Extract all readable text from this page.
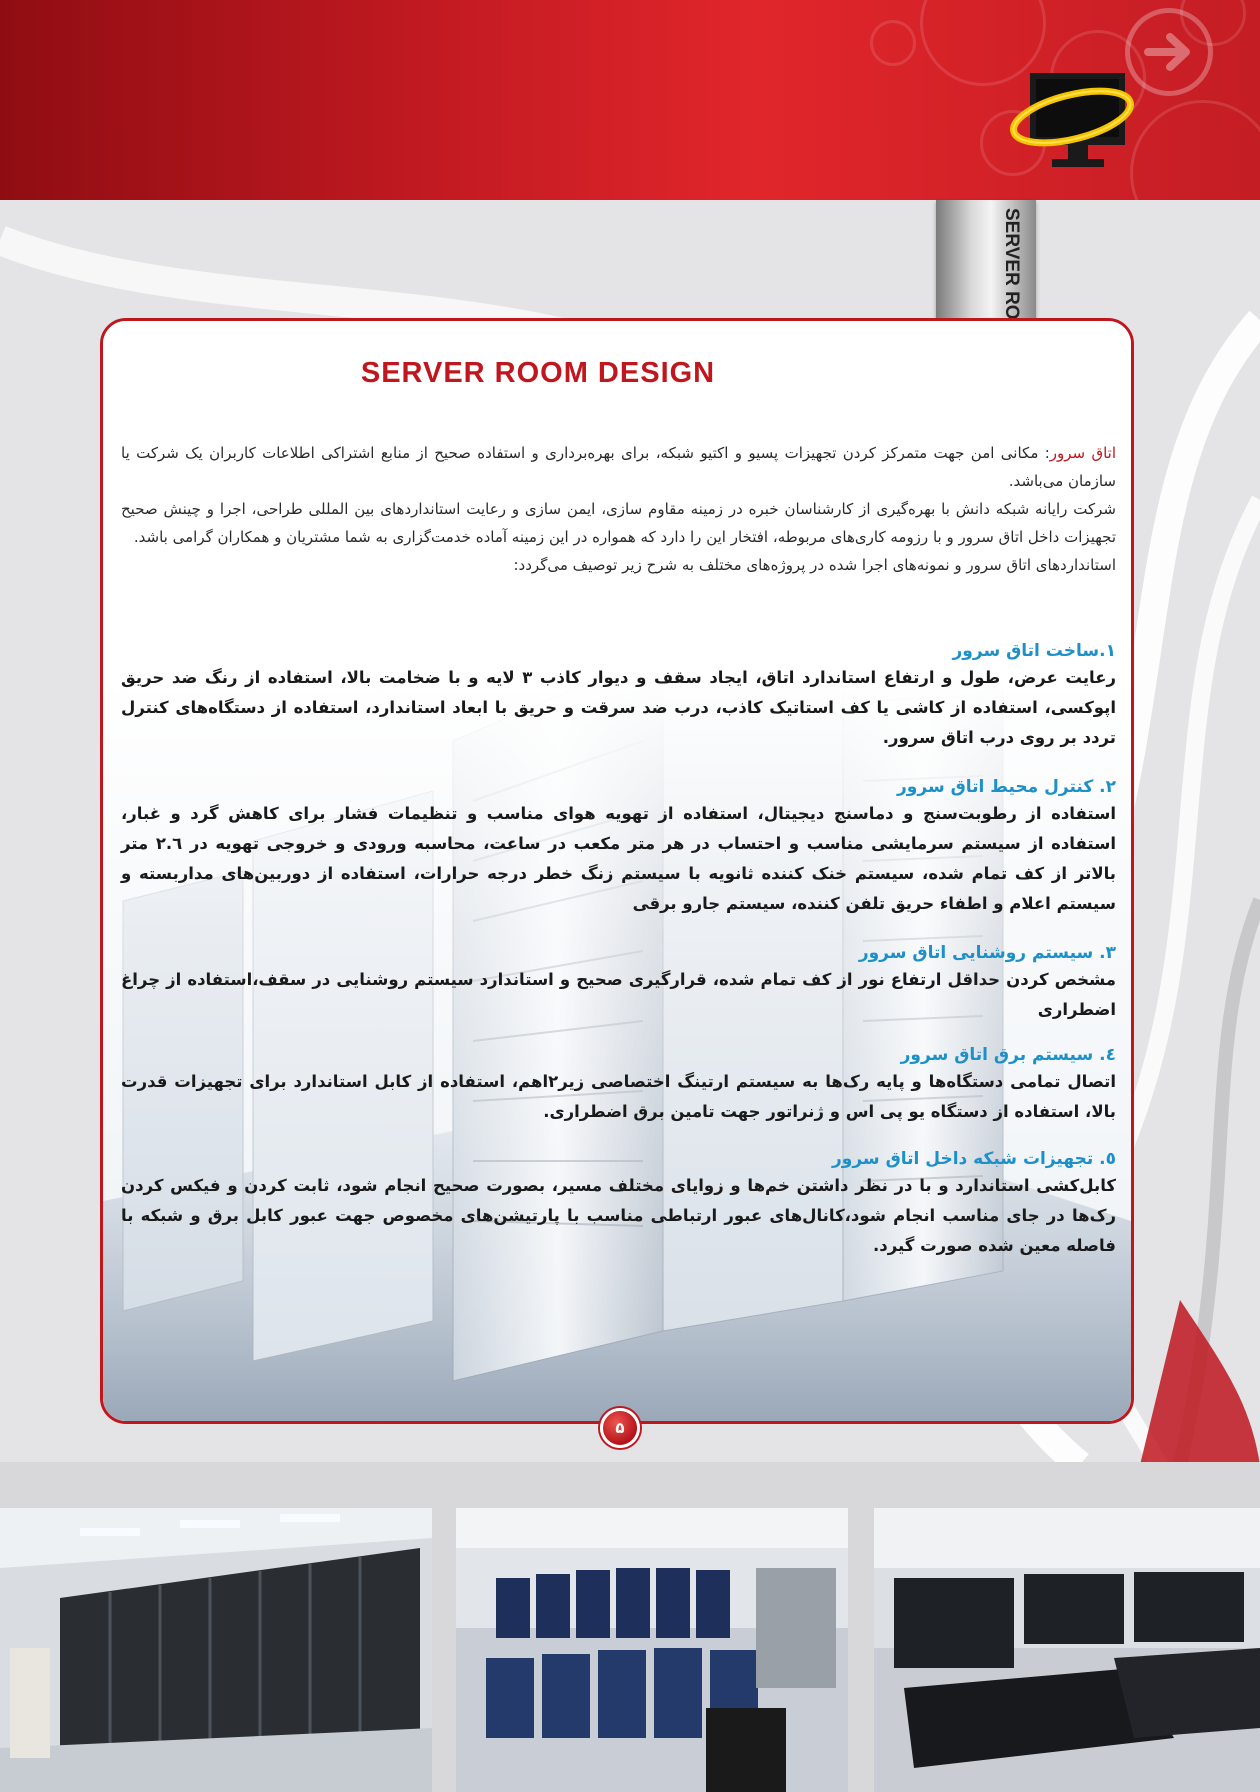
SERVER ROOM DESIGN
اتاق سرور: مکانی امن جهت متمرکز کردن تجهیزات پسیو و اکتیو شبکه، برای بهره‌برداری و استفاده صحیح از منابع اشتراکی اطلاعات کاربران یک شرکت یا سازمان می‌باشد.
شرکت رایانه شبکه دانش با بهره‌گیری از کارشناسان خبره در زمینه مقاوم سازی، ایمن سازی و رعایت استانداردهای بین المللی طراحی، اجرا و چینش صحیح تجهیزات داخل اتاق سرور و با رزومه کاری‌های مربوطه، افتخار این را دارد که همواره در این زمینه آماده خدمت‌گزاری به شما مشتریان و همکاران گرامی باشد.
استانداردهای اتاق سرور و نمونه‌های اجرا شده در پروژه‌های مختلف به شرح زیر توصیف می‌گردد:
۱.ساخت اتاق سرور
رعایت عرض، طول و ارتفاع استاندارد اتاق، ایجاد سقف و دیوار کاذب ۳ لایه و با ضخامت بالا، استفاده از رنگ ضد حریق اپوکسی، استفاده از کاشی یا کف استاتیک کاذب، درب ضد سرقت و حریق با ابعاد استاندارد، استفاده از دستگاه‌های کنترل تردد بر روی درب اتاق سرور.
۲. کنترل محیط اتاق سرور
استفاده از رطوبت‌سنج و دماسنج دیجیتال، استفاده از تهویه هوای مناسب و تنظیمات فشار برای کاهش گرد و غبار، استفاده از سیستم سرمایشی مناسب و احتساب در هر متر مکعب در ساعت، محاسبه ورودی و خروجی تهویه در ۲.٦ متر بالاتر از کف تمام شده، سیستم خنک کننده ثانویه با سیستم زنگ خطر درجه حرارات، استفاده از دوربین‌های مداربسته و سیستم اعلام و اطفاء حریق تلفن کننده، سیستم جارو برقی
۳. سیستم روشنایی اتاق سرور
مشخص کردن حداقل ارتفاع نور از کف تمام شده، قرارگیری صحیح و استاندارد سیستم روشنایی در سقف،استفاده از چراغ اضطراری
٤. سیستم برق اتاق سرور
اتصال تمامی دستگاه‌ها و پایه رک‌ها به سیستم ارتینگ اختصاصی زیر۲اهم، استفاده از کابل استاندارد برای تجهیزات قدرت بالا، استفاده از دستگاه یو پی اس و ژنراتور جهت تامین برق اضطراری.
٥. تجهیزات شبکه داخل اتاق سرور
کابل‌کشی استاندارد و با در نظر داشتن خم‌ها و زوایای مختلف مسیر، بصورت صحیح انجام شود، ثابت کردن و فیکس کردن رک‌ها در جای مناسب انجام شود،کانال‌های عبور ارتباطی مناسب با پارتیشن‌های مخصوص جهت عبور کابل برق و شبکه با فاصله معین شده صورت گیرد.
۵
